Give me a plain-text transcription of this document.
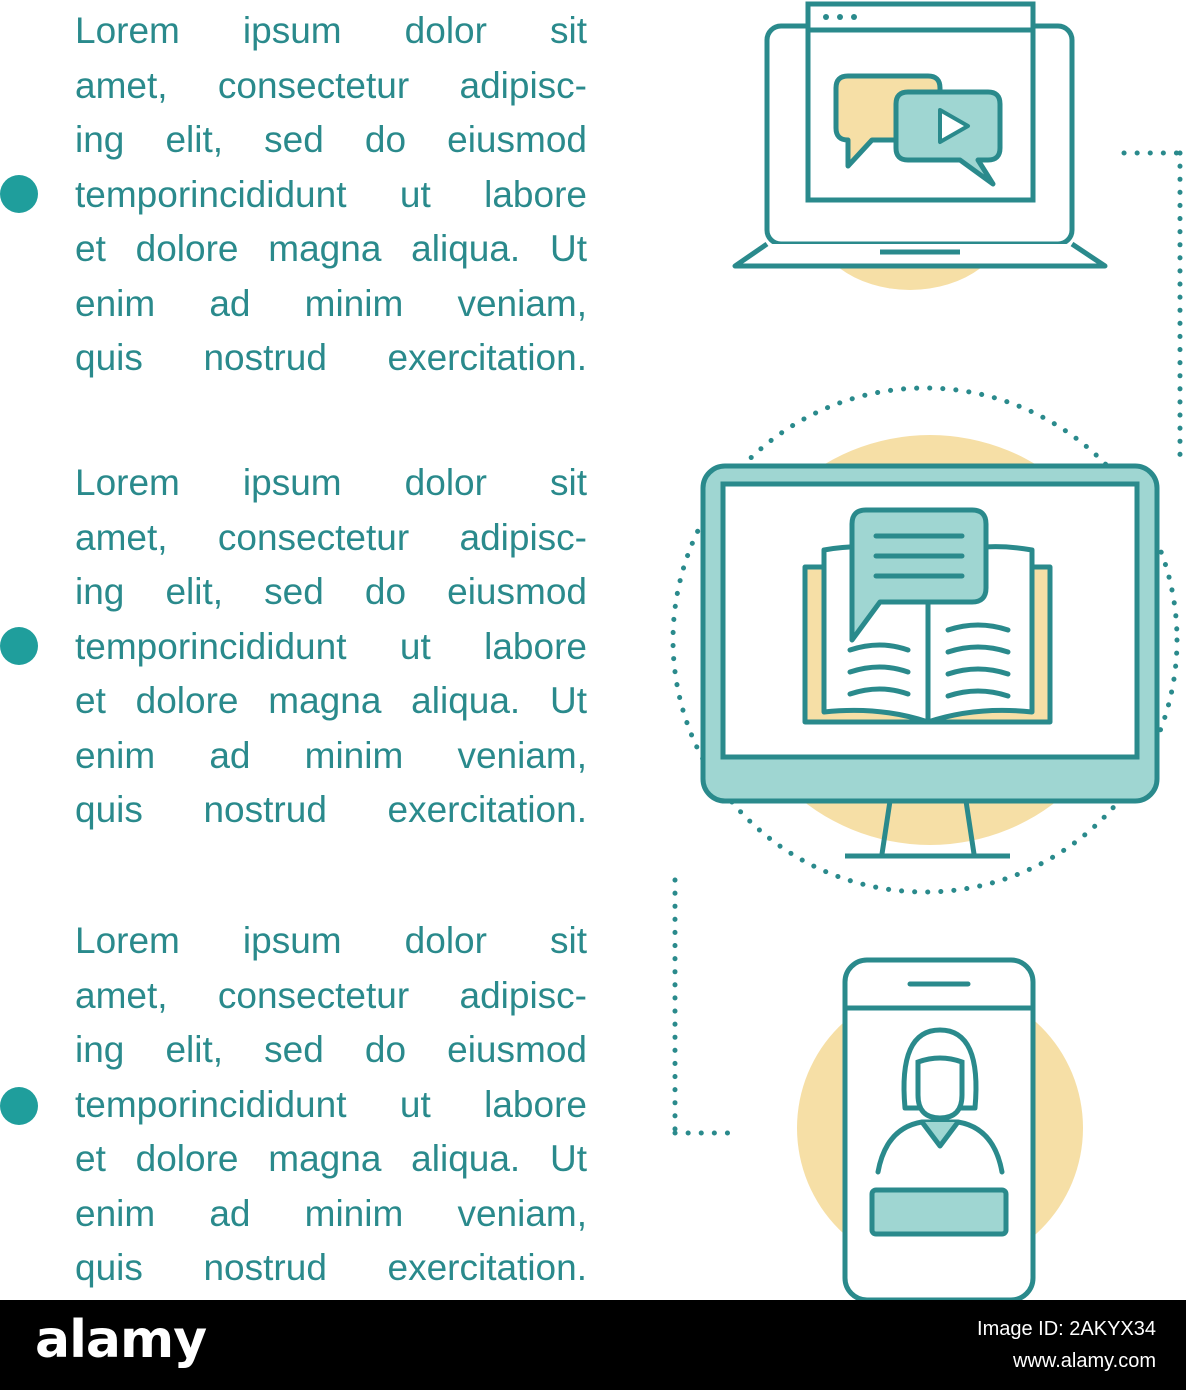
Lorem ipsum dolor sit
amet, consectetur adipisc-
ing elit, sed do eiusmod
temporincididunt ut labore
et dolore magna aliqua. Ut
enim ad minim veniam,
quis nostrud exercitation.
Lorem ipsum dolor sit
amet, consectetur adipisc-
ing elit, sed do eiusmod
temporincididunt ut labore
et dolore magna aliqua. Ut
enim ad minim veniam,
quis nostrud exercitation.
Lorem ipsum dolor sit
amet, consectetur adipisc-
ing elit, sed do eiusmod
temporincididunt ut labore
et dolore magna aliqua. Ut
enim ad minim veniam,
quis nostrud exercitation.
alamy	Image ID: 2AKYX34
www.alamy.com
